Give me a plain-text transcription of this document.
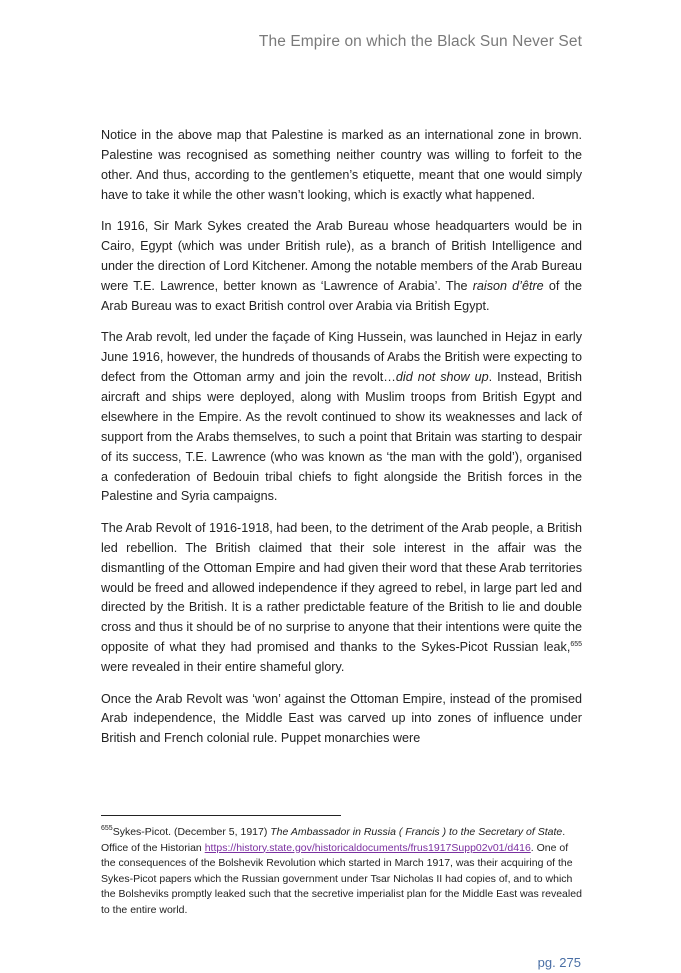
The Empire on which the Black Sun Never Set

Notice in the above map that Palestine is marked as an international zone in brown. Palestine was recognised as something neither country was willing to forfeit to the other. And thus, according to the gentlemen’s etiquette, meant that one would simply have to take it while the other wasn’t looking, which is exactly what happened.

In 1916, Sir Mark Sykes created the Arab Bureau whose headquarters would be in Cairo, Egypt (which was under British rule), as a branch of British Intelligence and under the direction of Lord Kitchener. Among the notable members of the Arab Bureau were T.E. Lawrence, better known as ‘Lawrence of Arabia’. The raison d’être of the Arab Bureau was to exact British control over Arabia via British Egypt.

The Arab revolt, led under the façade of King Hussein, was launched in Hejaz in early June 1916, however, the hundreds of thousands of Arabs the British were expecting to defect from the Ottoman army and join the revolt…did not show up. Instead, British aircraft and ships were deployed, along with Muslim troops from British Egypt and elsewhere in the Empire. As the revolt continued to show its weaknesses and lack of support from the Arabs themselves, to such a point that Britain was starting to despair of its success, T.E. Lawrence (who was known as ‘the man with the gold’), organised a confederation of Bedouin tribal chiefs to fight alongside the British forces in the Palestine and Syria campaigns.

The Arab Revolt of 1916-1918, had been, to the detriment of the Arab people, a British led rebellion. The British claimed that their sole interest in the affair was the dismantling of the Ottoman Empire and had given their word that these Arab territories would be freed and allowed independence if they agreed to rebel, in large part led and directed by the British. It is a rather predictable feature of the British to lie and double cross and thus it should be of no surprise to anyone that their intentions were quite the opposite of what they had promised and thanks to the Sykes-Picot Russian leak,$^{655}$ were revealed in their entire shameful glory.

Once the Arab Revolt was ‘won’ against the Ottoman Empire, instead of the promised Arab independence, the Middle East was carved up into zones of influence under British and French colonial rule. Puppet monarchies were

$^{655}$Sykes-Picot. (December 5, 1917) The Ambassador in Russia ( Francis ) to the Secretary of State. Office of the Historian https://history.state.gov/historicaldocuments/frus1917Supp02v01/d416. One of the consequences of the Bolshevik Revolution which started in March 1917, was their acquiring of the Sykes-Picot papers which the Russian government under Tsar Nicholas II had copies of, and to which the Bolsheviks promptly leaked such that the secretive imperialist plan for the Middle East was revealed to the entire world.
pg. 275
